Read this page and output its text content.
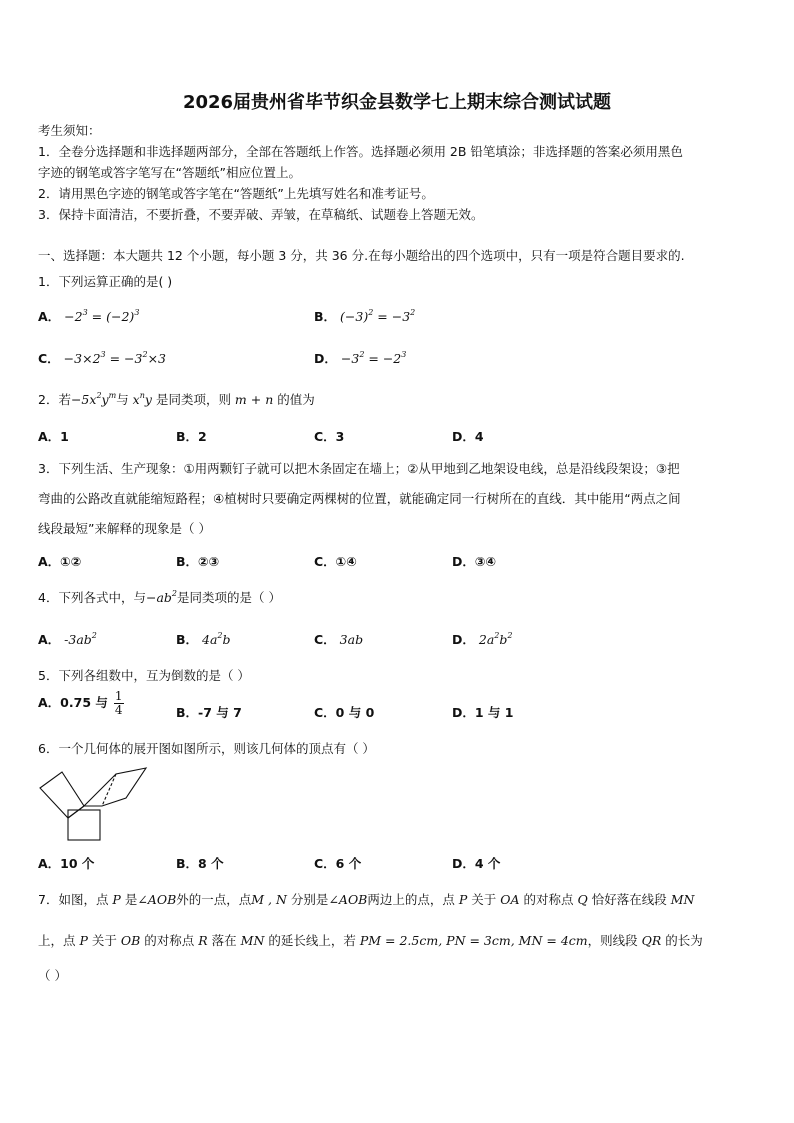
2026届贵州省毕节织金县数学七上期末综合测试试题
考生须知：
1．全卷分选择题和非选择题两部分，全部在答题纸上作答。选择题必须用 2B 铅笔填涂；非选择题的答案必须用黑色
字迹的钢笔或答字笔写在“答题纸”相应位置上。
2．请用黑色字迹的钢笔或答字笔在“答题纸”上先填写姓名和准考证号。
3．保持卡面清洁，不要折叠，不要弄破、弄皱，在草稿纸、试题卷上答题无效。
一、选择题：本大题共 12 个小题，每小题 3 分，共 36 分.在每小题给出的四个选项中，只有一项是符合题目要求的.
1．下列运算正确的是( )
A． $-2^3 = (-2)^3$	B． $(-3)^2 = -3^2$
C． $-3\times 2^3 = -3^2\times 3$	D． $-3^2 = -2^3$
2．若$-5x^2y^m$与 $x^ny$ 是同类项，则 m + n 的值为
A．1	B．2	C．3	D．4
3．下列生活、生产现象：①用两颗钉子就可以把木条固定在墙上；②从甲地到乙地架设电线，总是沿线段架设；③把
弯曲的公路改直就能缩短路程；④植树时只要确定两棵树的位置，就能确定同一行树所在的直线．其中能用“两点之间
线段最短”来解释的现象是（ ）
A．①②	B．②③	C．①④	D．③④
4．下列各式中，与$-ab^2$是同类项的是（ ）
A． $-3ab^2$	B． $4a^2b$	C． 3ab	D． $2a^2b^2$
5．下列各组数中，互为倒数的是（ ）
A．0.75 与 $\frac{1}{4}$	B．-7 与 7	C．0 与 0	D．1 与 1
6．一个几何体的展开图如图所示，则该几何体的顶点有（ ）
A．10 个	B．8 个	C．6 个	D．4 个
7．如图，点 P 是∠AOB外的一点，点M , N 分别是∠AOB两边上的点，点 P 关于 OA 的对称点 Q 恰好落在线段 MN
上，点 P 关于 OB 的对称点 R 落在 MN 的延长线上，若 PM = 2.5cm, PN = 3cm, MN = 4cm，则线段 QR 的长为
（ ）
